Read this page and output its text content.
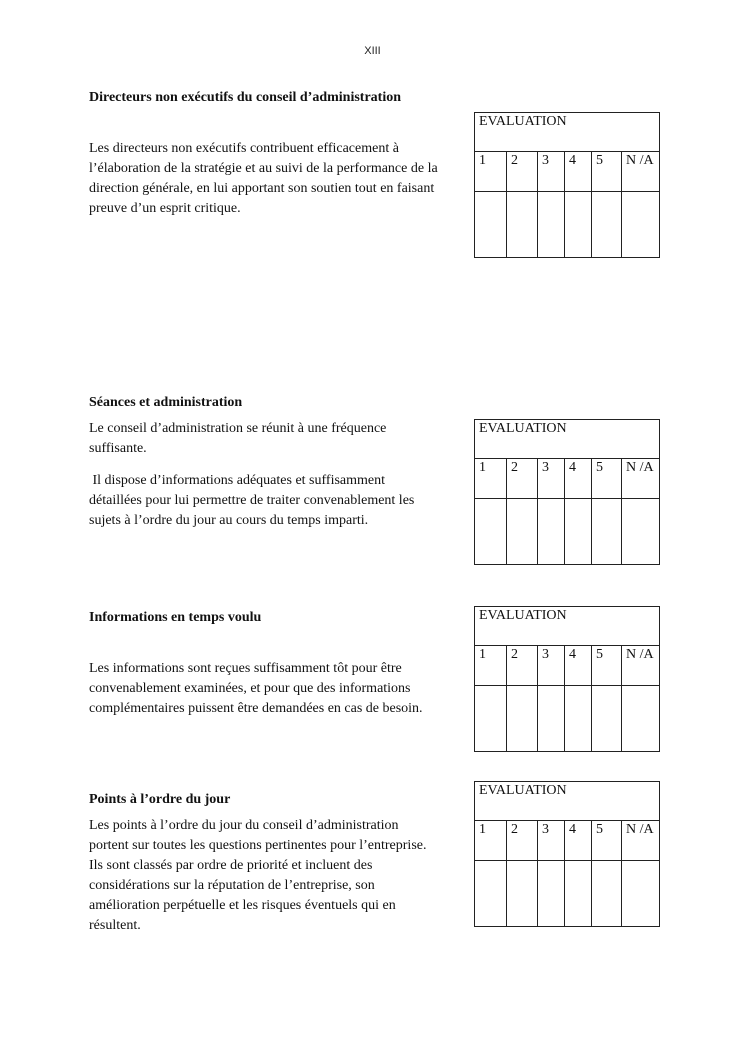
XIII
Directeurs non exécutifs du conseil d’administration
Les directeurs non exécutifs contribuent efficacement à
l’élaboration de la stratégie et au suivi de la performance de la
direction générale, en lui apportant son soutien tout en faisant
preuve d’un esprit critique.
EVALUATION
1	2	3	4	5	N /A
Séances et administration
Le conseil d’administration se réunit à une fréquence
suffisante.
Il dispose d’informations adéquates et suffisamment
détaillées pour lui permettre de traiter convenablement les
sujets à l’ordre du jour au cours du temps imparti.
EVALUATION
1	2	3	4	5	N /A
Informations en temps voulu
Les informations sont reçues suffisamment tôt pour être
convenablement examinées, et pour que des informations
complémentaires puissent être demandées en cas de besoin.
EVALUATION
1	2	3	4	5	N /A
Points à l’ordre du jour
Les points à l’ordre du jour du conseil d’administration
portent sur toutes les questions pertinentes pour l’entreprise.
Ils sont classés par ordre de priorité et incluent des
considérations sur la réputation de l’entreprise, son
amélioration perpétuelle et les risques éventuels qui en
résultent.
EVALUATION
1	2	3	4	5	N /A
